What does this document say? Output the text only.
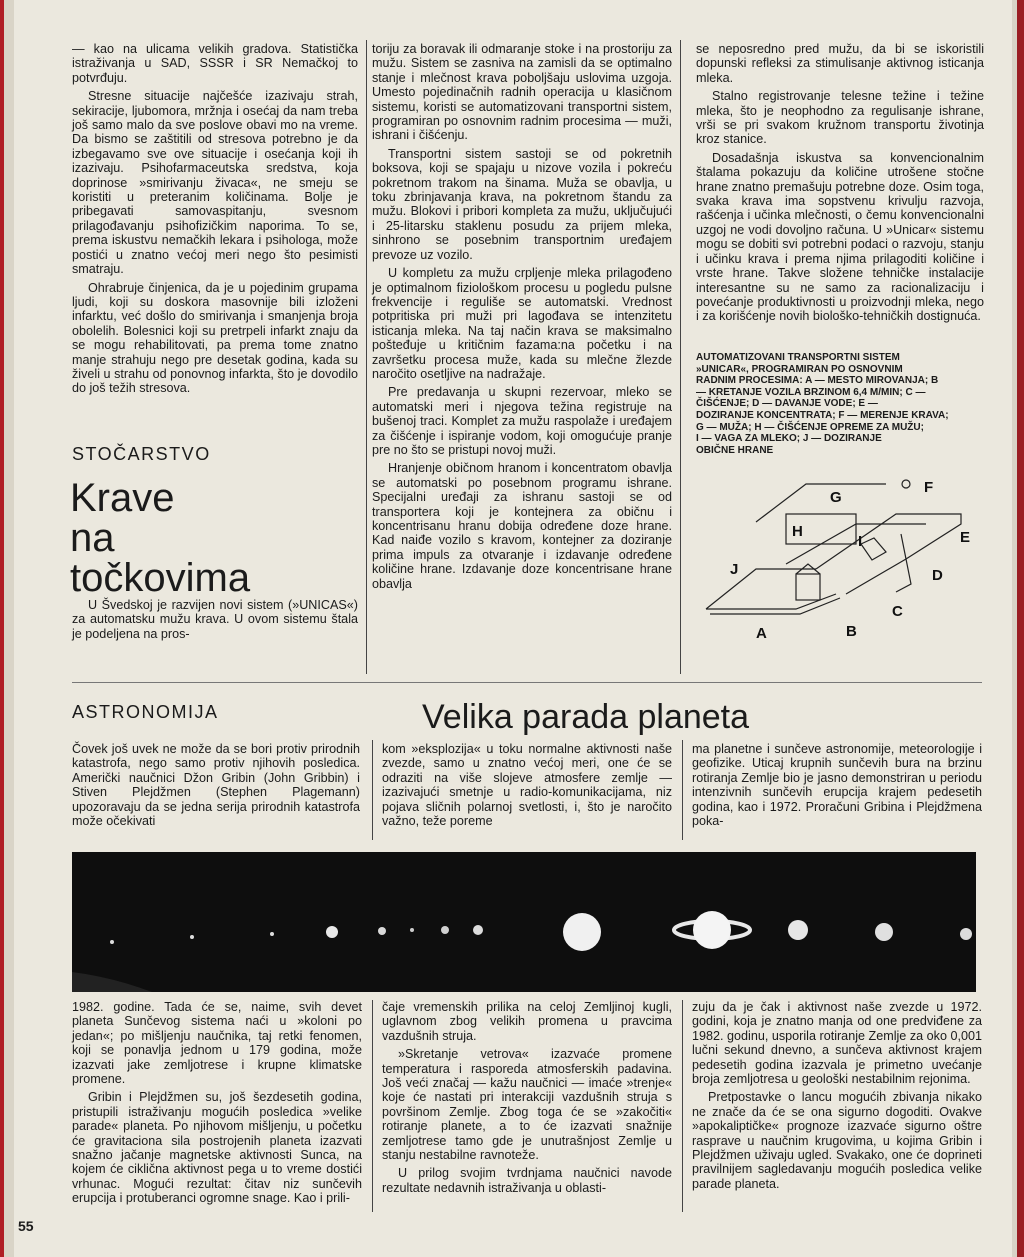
— kao na ulicama velikih gradova. Statistička istraživanja u SAD, SSSR i SR Nemačkoj to potvrđuju.

Stresne situacije najčešće izazivaju strah, sekiracije, ljubomora, mržnja i osećaj da nam treba još samo malo da sve poslove obavi mo na vreme. Da bismo se zaštitili od stresova potrebno je da izbegavamo sve ove situacije i osećanja koji ih izazivaju. Psihofarmaceutska sredstva, koja doprinose »smirivanju živaca«, ne smeju se koristiti u preteranim količinama. Bolje je pribegavati samovaspitanju, svesnom prilagođavanju psihofizičkim naporima. To se, prema iskustvu nemačkih lekara i psihologa, može postići u znatno većoj meri nego što pesimisti smatraju.

Ohrabruje činjenica, da je u pojedinim grupama ljudi, koji su doskora masovnije bili izloženi infarktu, već došlo do smirivanja i smanjenja broja obolelih. Bolesnici koji su pretrpeli infarkt znaju da se mogu rehabilitovati, pa prema tome znatno manje strahuju nego pre desetak godina, kada su živeli u strahu od ponovnog infarkta, što je dovodilo do još težih stresova.

STOČARSTVO
Krave
na
točkovima

U Švedskoj je razvijen novi sistem (»UNICAS«) za automatsku mužu krava. U ovom sistemu štala je podeljena na pros-

toriju za boravak ili odmaranje stoke i na prostoriju za mužu. Sistem se zasniva na zamisli da se optimalno stanje i mlečnost krava poboljšaju uslovima uzgoja. Umesto pojedinačnih radnih operacija u klasičnom sistemu, koristi se automatizovani transportni sistem, programiran po osnovnim radnim procesima — muži, ishrani i čišćenju.

Transportni sistem sastoji se od pokretnih boksova, koji se spajaju u nizove vozila i pokreću pokretnom trakom na šinama. Muža se obavlja, u toku zbrinjavanja krava, na pokretnom štandu za mužu. Blokovi i pribori kompleta za mužu, uključujući i 25-litarsku staklenu posudu za prijem mleka, sinhrono se posebnim transportnim uređajem prevoze uz vozilo.

U kompletu za mužu crpljenje mleka prilagođeno je optimalnom fiziološkom procesu u pogledu pulsne frekvencije i reguliše se automatski. Vrednost potpritiska pri muži pri lagođava se intenzitetu isticanja mleka. Na taj način krava se maksimalno pošteđuje u kritičnim fazama:na početku i na završetku procesa muže, kada su mlečne žlezde naročito osetljive na nadražaje.

Pre predavanja u skupni rezervoar, mleko se automatski meri i njegova težina registruje na bušenoj traci. Komplet za mužu raspolaže i uređajem za čišćenje i ispiranje vodom, koji omogućuje pranje pre no što se pristupi novoj muži.

Hranjenje običnom hranom i koncentratom obavlja se automatski po posebnom programu ishrane. Specijalni uređaji za ishranu sastoji se od transportera koji je kontejnera za običnu i koncentrisanu hranu dobija određene doze hrane. Kad naiđe vozilo s kravom, kontejner za doziranje prima impuls za otvaranje i izdavanje određene količine hrane. Izdavanje doze koncentrisane hrane obavlja

se neposredno pred mužu, da bi se iskoristili dopunski refleksi za stimulisanje aktivnog isticanja mleka.

Stalno registrovanje telesne težine i težine mleka, što je neophodno za regulisanje ishrane, vrši se pri svakom kružnom transportu životinja kroz stanice.

Dosadašnja iskustva sa konvencionalnim štalama pokazuju da količine utrošene stočne hrane znatno premašuju potrebne doze. Osim toga, svaka krava ima sopstvenu krivulju razvoja, rašćenja i učinka mlečnosti, o čemu konvencionalni uzgoj ne vodi dovoljno računa. U »Unicar« sistemu mogu se dobiti svi potrebni podaci o razvoju, stanju i učinku krava i prema njima prilagoditi količine i vrste hrane. Takve složene tehničke instalacije interesantne su ne samo za racionalizaciju i povećanje produktivnosti u proizvodnji mleka, nego i za korišćenje novih biološko-tehničkih dostignuća.

AUTOMATIZOVANI TRANSPORTNI SISTEM
»UNICAR«, PROGRAMIRAN PO OSNOVNIM
RADNIM PROCESIMA: A — MESTO MIROVANJA; B
— KRETANJE VOZILA BRZINOM 6,4 M/MIN; C —
ČIŠĆENJE; D — DAVANJE VODE; E —
DOZIRANJE KONCENTRATA; F — MERENJE KRAVA;
G — MUŽA; H — ČIŠĆENJE OPREME ZA MUŽU;
I — VAGA ZA MLEKO; J — DOZIRANJE
OBIČNE HRANE
A	B
C
D
E
F
G
H
I
J
ASTRONOMIJA	Velika parada planeta

Čovek još uvek ne može da se bori protiv prirodnih katastrofa, nego samo protiv njihovih posledica. Američki naučnici Džon Gribin (John Gribbin) i Stiven Plejdžmen (Stephen Plagemann) upozoravaju da se jedna serija prirodnih katastrofa može očekivati

kom »eksplozija« u toku normalne aktivnosti naše zvezde, samo u znatno većoj meri, one će se odraziti na više slojeve atmosfere zemlje — izazivajući smetnje u radio-komunikacijama, niz pojava sličnih polarnoj svetlosti, i, što je naročito važno, teže poreme

ma planetne i sunčeve astronomije, meteorologije i geofizike. Uticaj krupnih sunčevih bura na brzinu rotiranja Zemlje bio je jasno demonstriran u periodu intenzivnih sunčevih erupcija krajem pedesetih godina, kao i 1972. Proračuni Gribina i Plejdžmena poka-

1982. godine. Tada će se, naime, svih devet planeta Sunčevog sistema naći u »koloni po jedan«; po mišljenju naučnika, taj retki fenomen, koji se ponavlja jednom u 179 godina, može izazvati jake zemljotrese i krupne klimatske promene.

Gribin i Plejdžmen su, još šezdesetih godina, pristupili istraživanju mogućih posledica »velike parade« planeta. Po njihovom mišljenju, u početku će gravitaciona sila postrojenih planeta izazvati snažno jačanje magnetske aktivnosti Sunca, na kojem će ciklična aktivnost pega u to vreme dostići vrhunac. Mogući rezultat: čitav niz sunčevih erupcija i protuberanci ogromne snage. Kao i prili-

čaje vremenskih prilika na celoj Zemljinoj kugli, uglavnom zbog velikih promena u pravcima vazdušnih struja.

»Skretanje vetrova« izazvaće promene temperatura i rasporeda atmosferskih padavina. Još veći značaj — kažu naučnici — imaće »trenje« koje će nastati pri interakciji vazdušnih struja s površinom Zemlje. Zbog toga će se »zakočiti« rotiranje planete, a to će izazvati snažnije zemljotrese tamo gde je unutrašnjost Zemlje u stanju nestabilne ravnoteže.

U prilog svojim tvrdnjama naučnici navode rezultate nedavnih istraživanja u oblasti-

zuju da je čak i aktivnost naše zvezde u 1972. godini, koja je znatno manja od one predviđene za 1982. godinu, usporila rotiranje Zemlje za oko 0,001 lučni sekund dnevno, a sunčeva aktivnost krajem pedesetih godina izazvala je primetno uvećanje broja zemljotresa u geološki nestabilnim rejonima.

Pretpostavke o lancu mogućih zbivanja nikako ne znače da će se ona sigurno dogoditi. Ovakve »apokaliptičke« prognoze izazvaće sigurno oštre rasprave u naučnim krugovima, u kojima Gribin i Plejdžmen uživaju ugled. Svakako, one će doprineti pravilnijem sagledavanju mogućih posledica velike parade planeta.

55
